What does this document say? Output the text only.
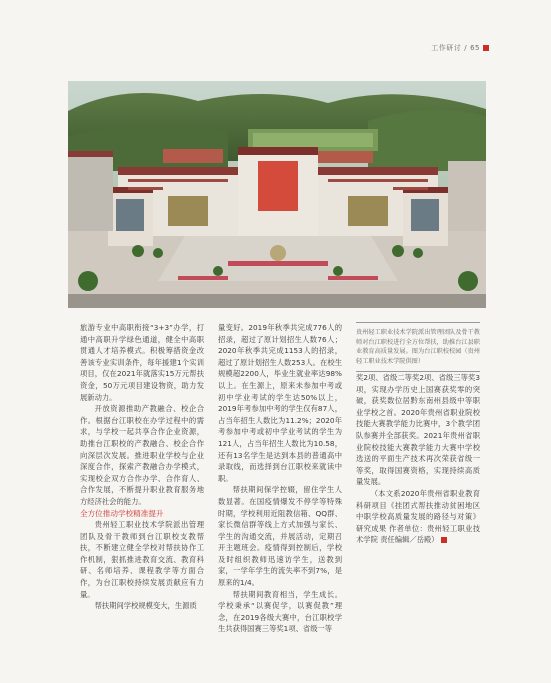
工作研讨 / 65

旅游专业中高职衔接“3+3”办学，打通中高职升学绿色通道，健全中高职贯通人才培养模式。积极筹措资金改善该专业实训条件，每年援建1个实训项目，仅在2021年就落实15万元帮扶资金，50万元项目建设物资，助力发展新动力。

开放资源推助产教融合、校企合作。根据台江职校在办学过程中的需求，与学校一起共享合作企业资源，助推台江职校的产教融合、校企合作向深层次发展。推进职业学校与企业深度合作，探索产教融合办学模式，实现校企双方合作办学、合作育人、合作发展，不断提升职业教育服务地方经济社会的能力。

全方位推动学校精准提升

贵州轻工职业技术学院派出管理团队及骨干教师到台江职校支教帮扶，不断建立健全学校对帮扶协作工作机制，狠抓推进教育交流、教育科研、名师培养、课程教学等方面合作，为台江职校持续发展贡献应有力量。

帮扶期间学校规模变大，生源质

量变好。2019年秋季共完成776人的招录，超过了原计划招生人数76人；2020年秋季共完成1153人的招录，超过了原计划招生人数253人。在校生规模超2200人，毕业生就业率达98%以上。在生源上，原来未参加中考或初中学业考试的学生达50%以上，2019年考参加中考的学生仅有87人，占当年招生人数比为11.2%；2020年考参加中考或初中学业考试的学生为121人，占当年招生人数比为10.58，还有13名学生是达到本县的普通高中录取线，而选择到台江职校来就读中职。

帮扶期间保学控辍，留住学生人数显著。在国疫情爆发不停学等特殊时期，学校利用近阻教信箱、QQ群、家长微信群等线上方式加强与家长、学生的沟通交流，并展活动，定期召开主题班会。疫情得到控制后，学校及时组织教师迅速访学生，送教到家，一学年学生的流失率不到7%，是原来的1/4。

帮扶期间教育相当，学生成长。学校秉承“以赛促学，以赛促教”理念，在2019各级大赛中，台江职校学生共获得国赛三等奖1项、省级一等

贵州轻工职业技术学院派出管理团队及骨干教师对台江职校进行全方位帮扶，助推台江县职业教育高质量发展。图为台江职校校园（贵州轻工职业技术学院供图）

奖2项、省级二等奖2项、省级三等奖3项，实现办学历史上国赛获奖零的突破，获奖数位居黔东南州县级中等职业学校之首。2020年贵州省职业院校技能大赛教学能力比赛中，3个教学团队参赛并全部获奖。2021年贵州省职业院校技能大赛教学能力大赛中学校选送的平面生产技术再次荣获省级一等奖，取得国赛资格，实现持续高质量发展。

（本文系2020年贵州省职业教育科研项目《挂团式帮扶推动贫困地区中职学校高质量发展的路径与对策》研究成果 作者单位：贵州轻工职业技术学院 责任编辑／岳殿）
